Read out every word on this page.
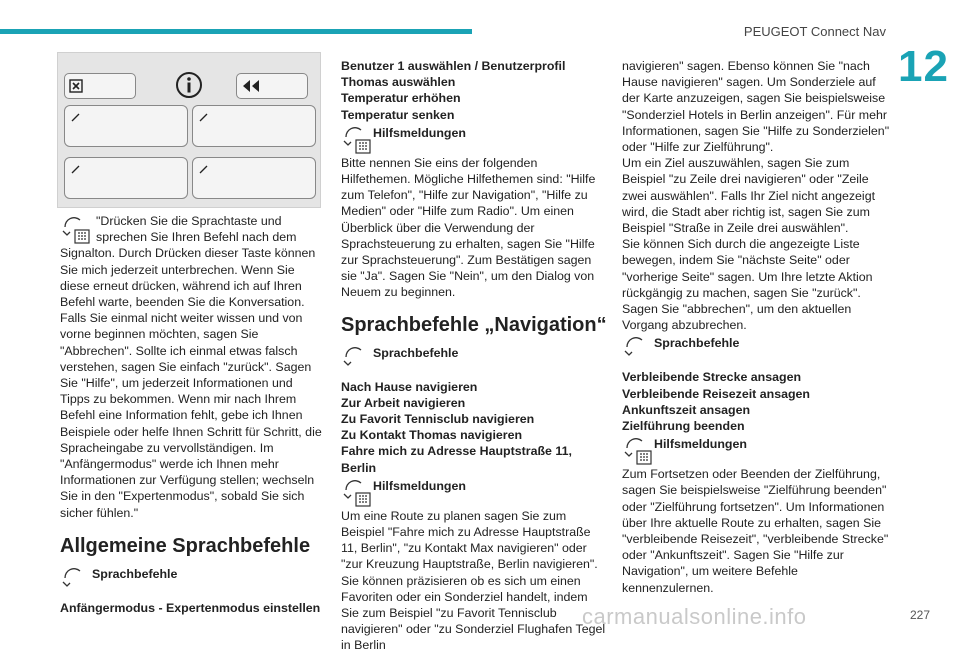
PEUGEOT Connect Nav
12
"Drücken Sie die Sprachtaste und
sprechen Sie Ihren Befehl nach dem

Signalton. Durch Drücken dieser Taste können Sie mich jederzeit unterbrechen. Wenn Sie diese erneut drücken, während ich auf Ihren Befehl warte, beenden Sie die Konversation. Falls Sie einmal nicht weiter wissen und von vorne beginnen möchten, sagen Sie "Abbrechen". Sollte ich einmal etwas falsch verstehen, sagen Sie einfach "zurück". Sagen Sie "Hilfe", um jederzeit Informationen und Tipps zu bekommen. Wenn mir nach Ihrem Befehl eine Information fehlt, gebe ich Ihnen Beispiele oder helfe Ihnen Schritt für Schritt, die Spracheingabe zu vervollständigen. Im "Anfängermodus" werde ich Ihnen mehr Informationen zur Verfügung stellen; wechseln Sie in den "Expertenmodus", sobald Sie sich sicher fühlen."

Allgemeine Sprachbefehle
Sprachbefehle

Anfängermodus - Expertenmodus einstellen

Benutzer 1 auswählen / Benutzerprofil
Thomas auswählen
Temperatur erhöhen
Temperatur senken
Hilfsmeldungen

Bitte nennen Sie eins der folgenden Hilfethemen. Mögliche Hilfethemen sind: "Hilfe zum Telefon", "Hilfe zur Navigation", "Hilfe zu Medien" oder "Hilfe zum Radio". Um einen Überblick über die Verwendung der Sprachsteuerung zu erhalten, sagen Sie "Hilfe zur Sprachsteuerung". Zum Bestätigen sagen sie "Ja". Sagen Sie "Nein", um den Dialog von Neuem zu beginnen.

Sprachbefehle „Navigation“
Sprachbefehle
Nach Hause navigieren
Zur Arbeit navigieren
Zu Favorit Tennisclub navigieren
Zu Kontakt Thomas navigieren
Fahre mich zu Adresse Hauptstraße 11, Berlin
Hilfsmeldungen

Um eine Route zu planen sagen Sie zum Beispiel "Fahre mich zu Adresse Hauptstraße 11, Berlin", "zu Kontakt Max navigieren" oder "zur Kreuzung Hauptstraße, Berlin navigieren". Sie können präzisieren ob es sich um einen Favoriten oder ein Sonderziel handelt, indem Sie zum Beispiel "zu Favorit Tennisclub navigieren" oder "zu Sonderziel Flughafen Tegel in Berlin

navigieren" sagen. Ebenso können Sie "nach Hause navigieren" sagen. Um Sonderziele auf der Karte anzuzeigen, sagen Sie beispielsweise "Sonderziel Hotels in Berlin anzeigen". Für mehr Informationen, sagen Sie "Hilfe zu Sonderzielen" oder "Hilfe zur Zielführung".

Um ein Ziel auszuwählen, sagen Sie zum Beispiel "zu Zeile drei navigieren" oder "Zeile zwei auswählen". Falls Ihr Ziel nicht angezeigt wird, die Stadt aber richtig ist, sagen Sie zum Beispiel "Straße in Zeile drei auswählen".

Sie können Sich durch die angezeigte Liste bewegen, indem Sie "nächste Seite" oder "vorherige Seite" sagen. Um Ihre letzte Aktion rückgängig zu machen, sagen Sie "zurück". Sagen Sie "abbrechen", um den aktuellen Vorgang abzubrechen.

Sprachbefehle
Verbleibende Strecke ansagen
Verbleibende Reisezeit ansagen
Ankunftszeit ansagen
Zielführung beenden
Hilfsmeldungen

Zum Fortsetzen oder Beenden der Zielführung, sagen Sie beispielsweise "Zielführung beenden" oder "Zielführung fortsetzen". Um Informationen über Ihre aktuelle Route zu erhalten, sagen Sie "verbleibende Reisezeit", "verbleibende Strecke" oder "Ankunftszeit". Sagen Sie "Hilfe zur Navigation", um weitere Befehle kennenzulernen.

carmanualsonline.info	227
